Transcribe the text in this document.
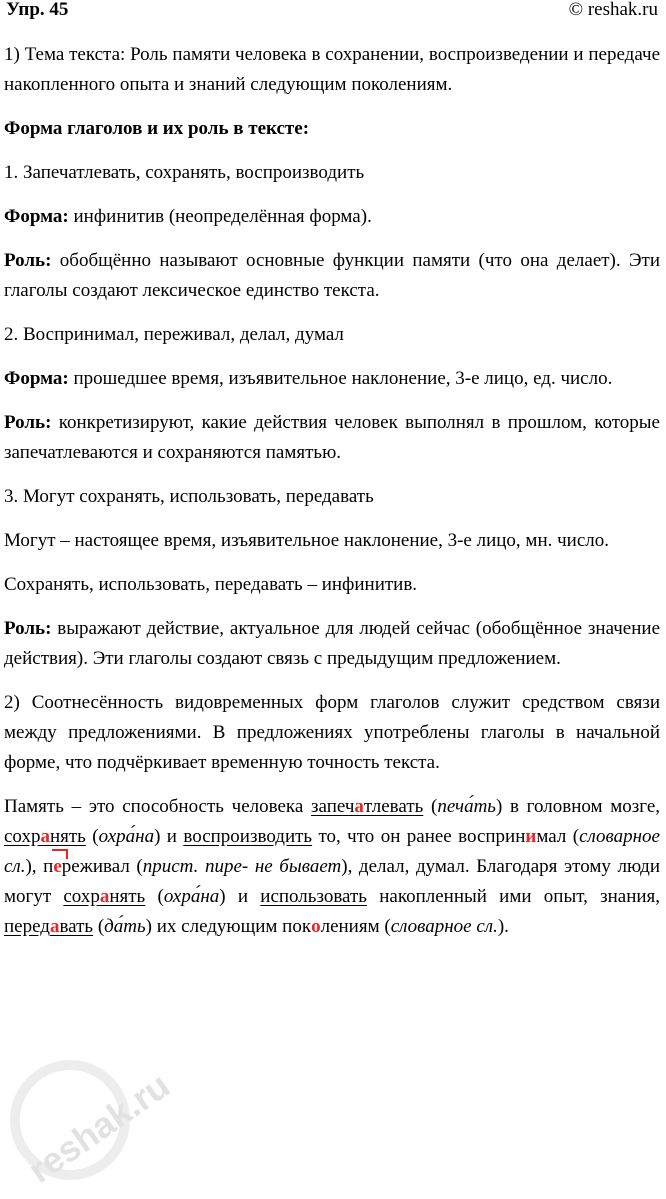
Упр. 45	© reshak.ru

1) Тема текста: Роль памяти человека в сохранении, воспроизведении и передаче накопленного опыта и знаний следующим поколениям.

Форма глаголов и их роль в тексте:

1. Запечатлевать, сохранять, воспроизводить

Форма: инфинитив (неопределённая форма).

Роль: обобщённо называют основные функции памяти (что она делает). Эти глаголы создают лексическое единство текста.

2. Воспринимал, переживал, делал, думал

Форма: прошедшее время, изъявительное наклонение, 3-е лицо, ед. число.

Роль: конкретизируют, какие действия человек выполнял в прошлом, которые запечатлеваются и сохраняются памятью.

3. Могут сохранять, использовать, передавать

Могут – настоящее время, изъявительное наклонение, 3-е лицо, мн. число.

Сохранять, использовать, передавать – инфинитив.

Роль: выражают действие, актуальное для людей сейчас (обобщённое значение действия). Эти глаголы создают связь с предыдущим предложением.

2) Соотнесённость видовременных форм глаголов служит средством связи между предложениями. В предложениях употреблены глаголы в начальной форме, что подчёркивает временную точность текста.

Память – это способность человека запечатлевать (печа́ть) в головном мозге, сохранять (охра́на) и воспроизводить то, что он ранее воспринимал (словарное сл.), переживал (прист. пире- не бывает), делал, думал. Благодаря этому люди могут сохранять (охра́на) и использовать накопленный ими опыт, знания, передавать (да́ть) их следующим поколениям (словарное сл.).

reshak.ru
